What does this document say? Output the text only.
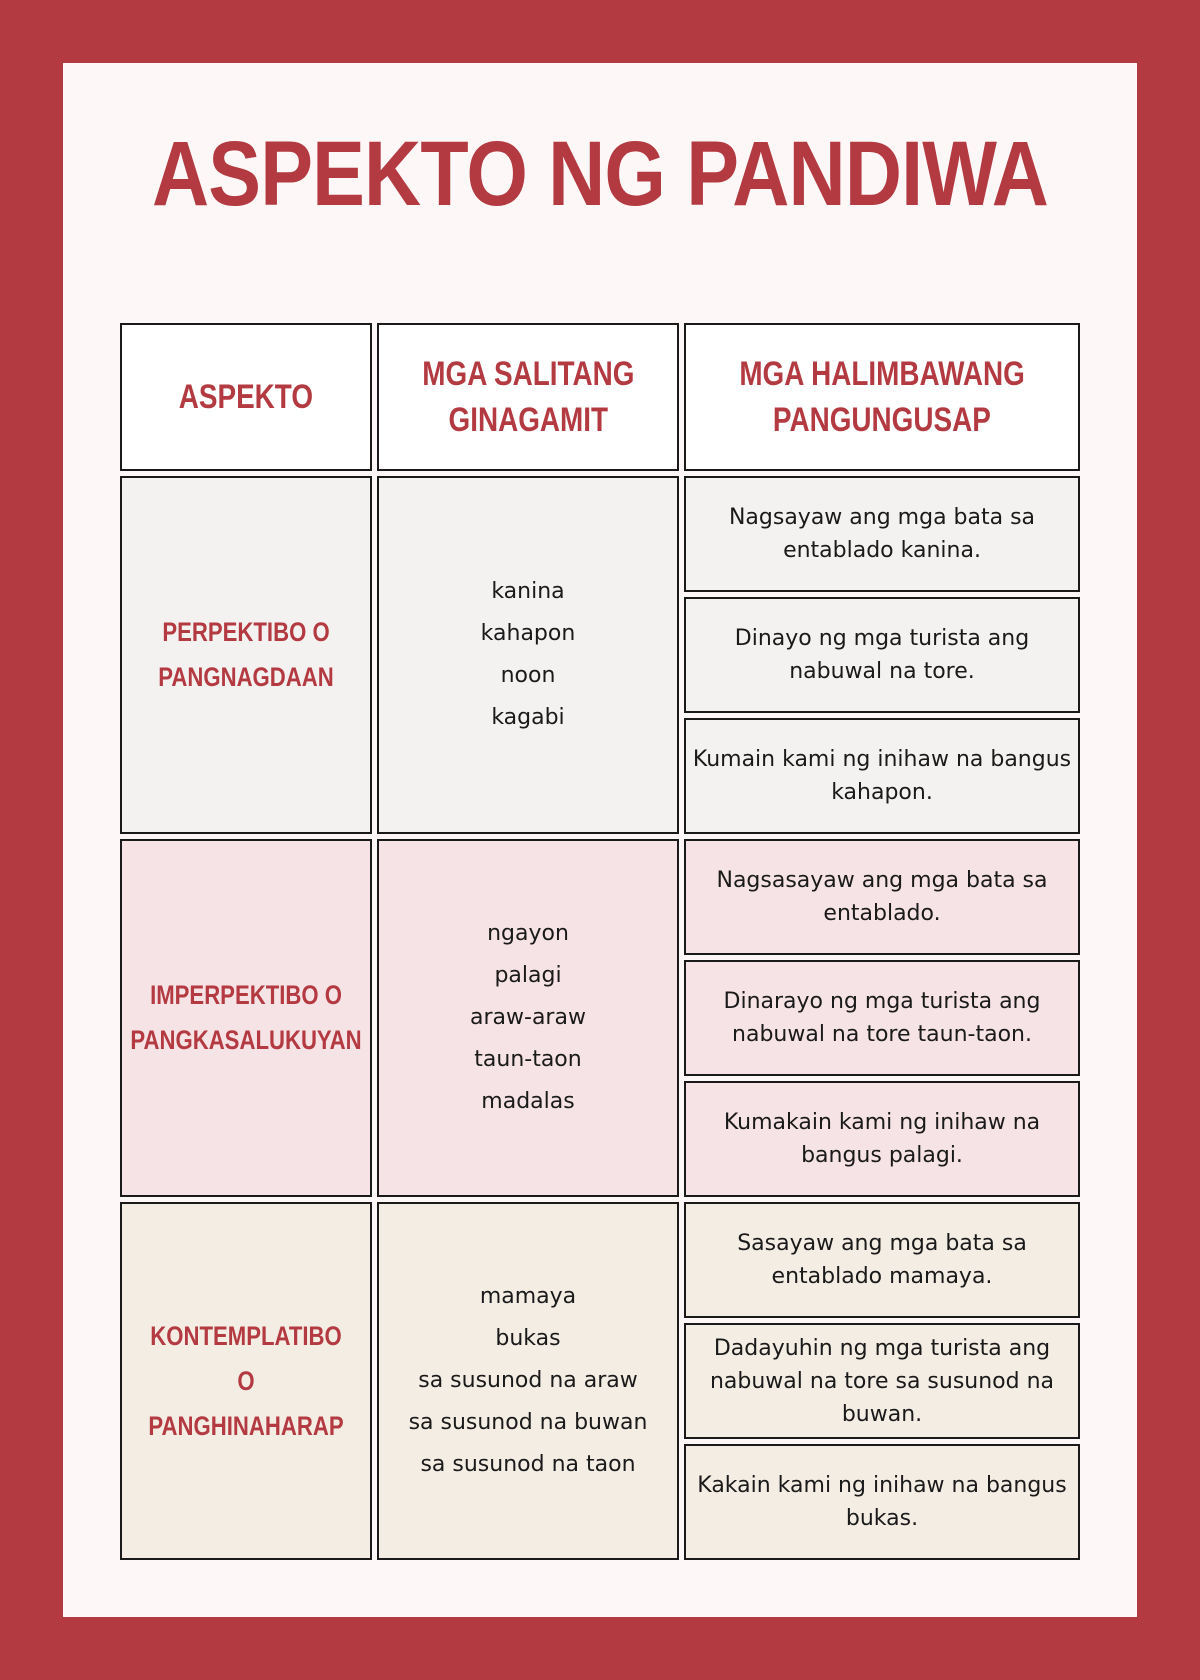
ASPEKTO NG PANDIWA
ASPEKTO
MGA SALITANG
GINAGAMIT
MGA HALIMBAWANG
PANGUNGUSAP
PERPEKTIBO O
PANGNAGDAAN
kanina
kahapon
noon
kagabi
Nagsayaw ang mga bata sa entablado kanina.
Dinayo ng mga turista ang nabuwal na tore.
Kumain kami ng inihaw na bangus kahapon.
IMPERPEKTIBO O
PANGKASALUKUYAN
ngayon
palagi
araw-araw
taun-taon
madalas
Nagsasayaw ang mga bata sa entablado.
Dinarayo ng mga turista ang nabuwal na tore taun-taon.
Kumakain kami ng inihaw na bangus palagi.
KONTEMPLATIBO O
PANGHINAHARAP
mamaya
bukas
sa susunod na araw
sa susunod na buwan
sa susunod na taon
Sasayaw ang mga bata sa entablado mamaya.
Dadayuhin ng mga turista ang nabuwal na tore sa susunod na buwan.
Kakain kami ng inihaw na bangus bukas.
